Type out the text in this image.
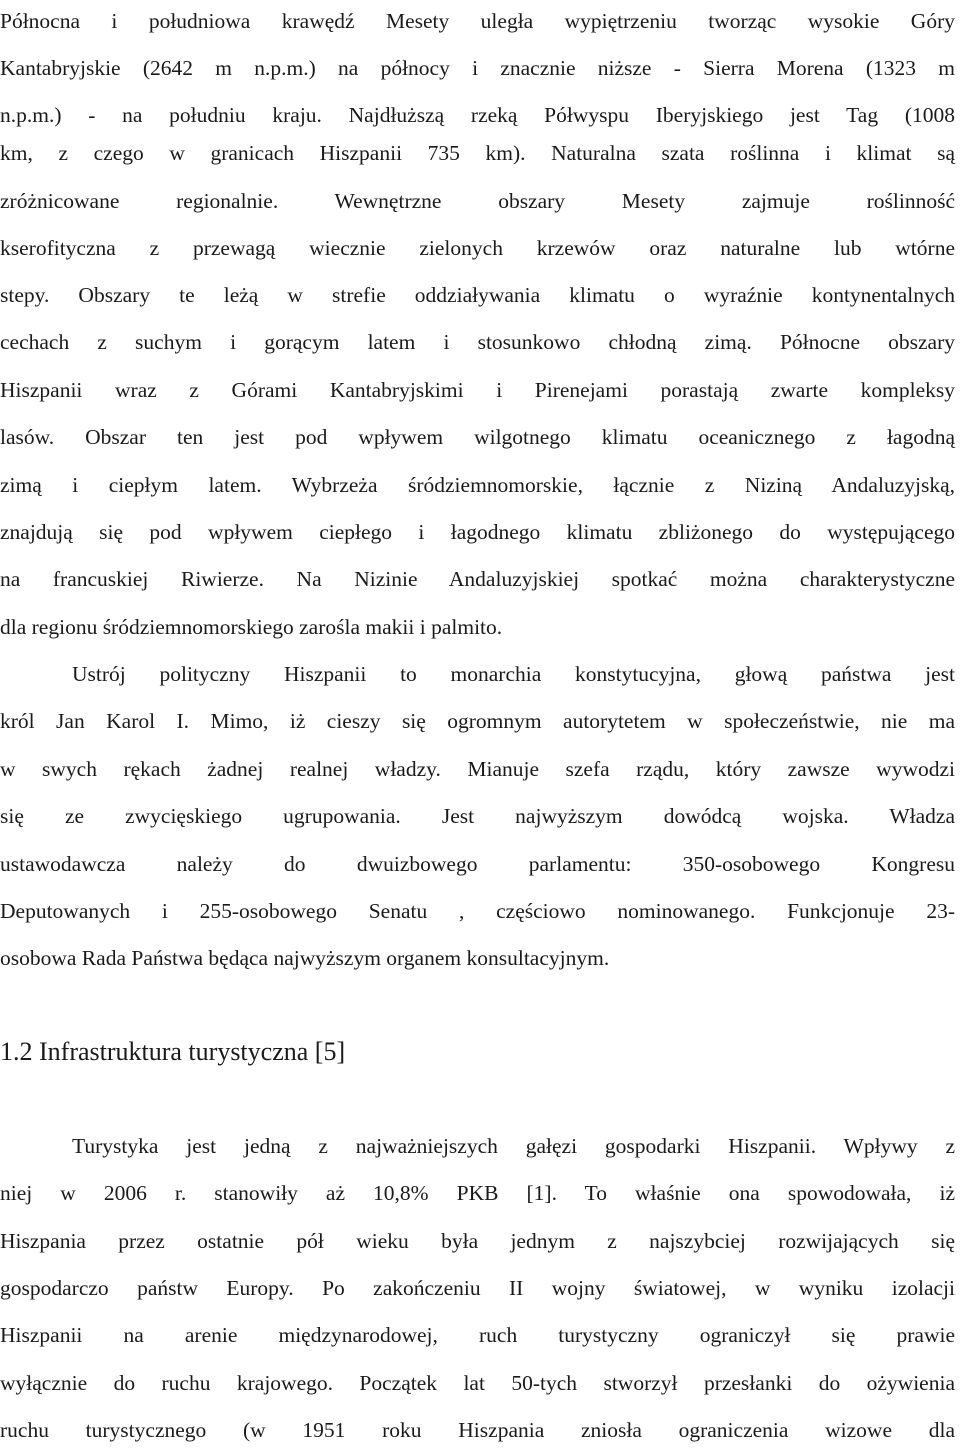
Północna i południowa krawędź Mesety uległa wypiętrzeniu tworząc wysokie Góry
Kantabryjskie (2642 m n.p.m.) na północy i znacznie niższe - Sierra Morena (1323 m
n.p.m.) - na południu kraju. Najdłuższą rzeką Półwyspu Iberyjskiego jest Tag (1008
km, z czego w granicach Hiszpanii 735 km). Naturalna szata roślinna i klimat są
zróżnicowane regionalnie. Wewnętrzne obszary Mesety zajmuje roślinność
kserofityczna z przewagą wiecznie zielonych krzewów oraz naturalne lub wtórne
stepy. Obszary te leżą w strefie oddziaływania klimatu o wyraźnie kontynentalnych
cechach z suchym i gorącym latem i stosunkowo chłodną zimą. Północne obszary
Hiszpanii wraz z Górami Kantabryjskimi i Pirenejami porastają zwarte kompleksy
lasów. Obszar ten jest pod wpływem wilgotnego klimatu oceanicznego z łagodną
zimą i ciepłym latem. Wybrzeża śródziemnomorskie, łącznie z Niziną Andaluzyjską,
znajdują się pod wpływem ciepłego i łagodnego klimatu zbliżonego do występującego
na francuskiej Riwierze. Na Nizinie Andaluzyjskiej spotkać można charakterystyczne
dla regionu śródziemnomorskiego zarośla makii i palmito.
Ustrój polityczny Hiszpanii to monarchia konstytucyjna, głową państwa jest
król Jan Karol I. Mimo, iż cieszy się ogromnym autorytetem w społeczeństwie, nie ma
w swych rękach żadnej realnej władzy. Mianuje szefa rządu, który zawsze wywodzi
się ze zwycięskiego ugrupowania. Jest najwyższym dowódcą wojska. Władza
ustawodawcza należy do dwuizbowego parlamentu: 350-osobowego Kongresu
Deputowanych i 255-osobowego Senatu , częściowo nominowanego. Funkcjonuje 23-
osobowa Rada Państwa będąca najwyższym organem konsultacyjnym.
1.2 Infrastruktura turystyczna [5]
Turystyka jest jedną z najważniejszych gałęzi gospodarki Hiszpanii. Wpływy z
niej w 2006 r. stanowiły aż 10,8% PKB [1]. To właśnie ona spowodowała, iż
Hiszpania przez ostatnie pół wieku była jednym z najszybciej rozwijających się
gospodarczo państw Europy. Po zakończeniu II wojny światowej, w wyniku izolacji
Hiszpanii na arenie międzynarodowej, ruch turystyczny ograniczył się prawie
wyłącznie do ruchu krajowego. Początek lat 50-tych stworzył przesłanki do ożywienia
ruchu turystycznego (w 1951 roku Hiszpania zniosła ograniczenia wizowe dla
